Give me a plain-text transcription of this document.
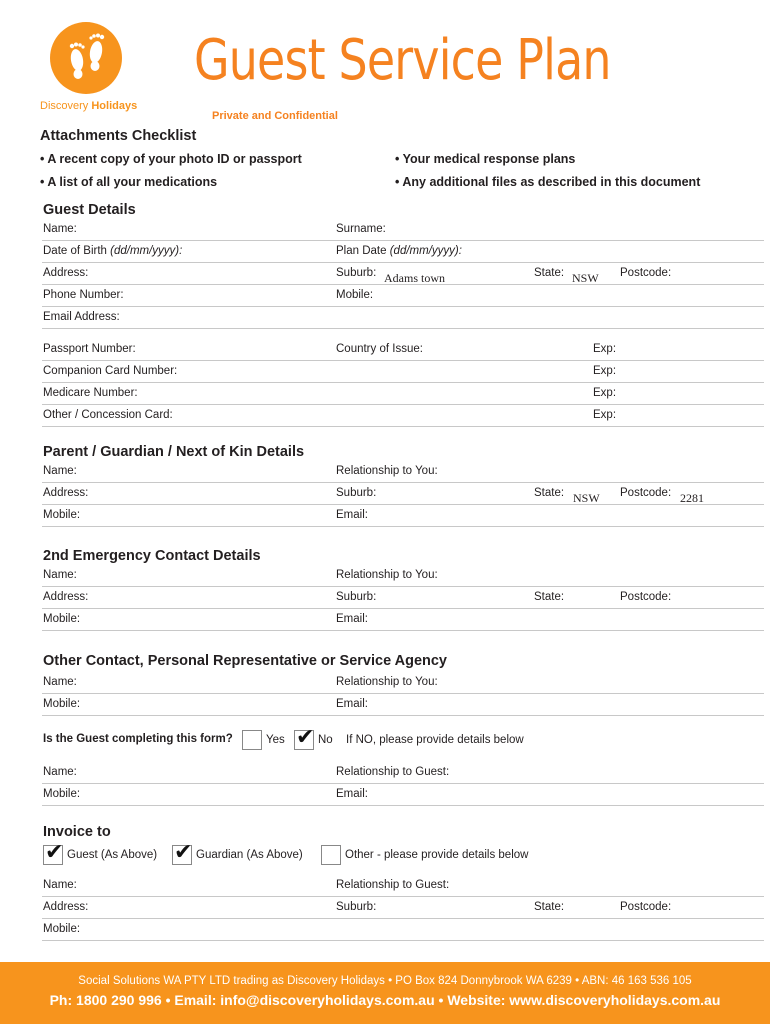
Discovery Holidays
Guest Service Plan
Private and Confidential
Attachments Checklist
• A recent copy of your photo ID or passport	• Your medical response plans
• A list of all your medications	• Any additional files as described in this document
Guest Details
Name:	Surname:
Date of Birth (dd/mm/yyyy):	Plan Date (dd/mm/yyyy):
Address:	Suburb: Adams town	State: NSW Postcode:
Phone Number:	Mobile:
Email Address:
Passport Number:	Country of Issue:	Exp:
Companion Card Number:	Exp:
Medicare Number:	Exp:
Other / Concession Card:	Exp:
Parent / Guardian / Next of Kin Details
Name:	Relationship to You:
Address:	Suburb:	State: NSW Postcode: 2281
Mobile:	Email:
2nd Emergency Contact Details
Name:	Relationship to You:
Address:	Suburb:	State:	Postcode:
Mobile:	Email:
Other Contact, Personal Representative or Service Agency
Name:	Relationship to You:
Mobile:	Email:
Is the Guest completing this form?	Yes ✔ No If NO, please provide details below
Name:	Relationship to Guest:
Mobile:	Email:
Invoice to
✔ Guest (As Above) ✔ Guardian (As Above)	Other - please provide details below
Name:	Relationship to Guest:
Address:	Suburb:	State:	Postcode:
Mobile:
Social Solutions WA PTY LTD trading as Discovery Holidays • PO Box 824 Donnybrook WA 6239 • ABN: 46 163 536 105
Ph: 1800 290 996 • Email: info@discoveryholidays.com.au • Website: www.discoveryholidays.com.au
